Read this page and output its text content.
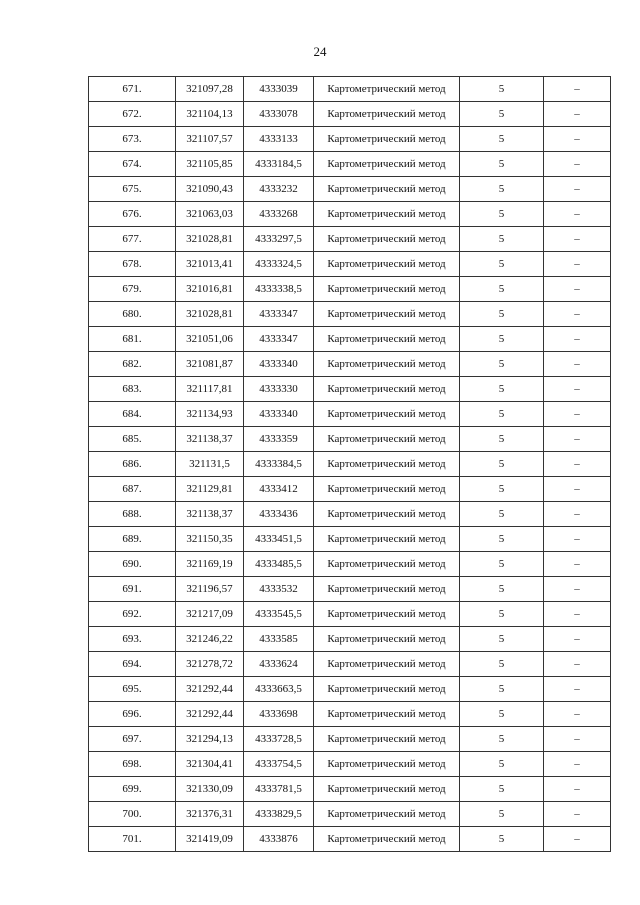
24
671.	321097,28	4333039	Картометрический метод	5	–
672.	321104,13	4333078	Картометрический метод	5	–
673.	321107,57	4333133	Картометрический метод	5	–
674.	321105,85	4333184,5	Картометрический метод	5	–
675.	321090,43	4333232	Картометрический метод	5	–
676.	321063,03	4333268	Картометрический метод	5	–
677.	321028,81	4333297,5	Картометрический метод	5	–
678.	321013,41	4333324,5	Картометрический метод	5	–
679.	321016,81	4333338,5	Картометрический метод	5	–
680.	321028,81	4333347	Картометрический метод	5	–
681.	321051,06	4333347	Картометрический метод	5	–
682.	321081,87	4333340	Картометрический метод	5	–
683.	321117,81	4333330	Картометрический метод	5	–
684.	321134,93	4333340	Картометрический метод	5	–
685.	321138,37	4333359	Картометрический метод	5	–
686.	321131,5	4333384,5	Картометрический метод	5	–
687.	321129,81	4333412	Картометрический метод	5	–
688.	321138,37	4333436	Картометрический метод	5	–
689.	321150,35	4333451,5	Картометрический метод	5	–
690.	321169,19	4333485,5	Картометрический метод	5	–
691.	321196,57	4333532	Картометрический метод	5	–
692.	321217,09	4333545,5	Картометрический метод	5	–
693.	321246,22	4333585	Картометрический метод	5	–
694.	321278,72	4333624	Картометрический метод	5	–
695.	321292,44	4333663,5	Картометрический метод	5	–
696.	321292,44	4333698	Картометрический метод	5	–
697.	321294,13	4333728,5	Картометрический метод	5	–
698.	321304,41	4333754,5	Картометрический метод	5	–
699.	321330,09	4333781,5	Картометрический метод	5	–
700.	321376,31	4333829,5	Картометрический метод	5	–
701.	321419,09	4333876	Картометрический метод	5	–
